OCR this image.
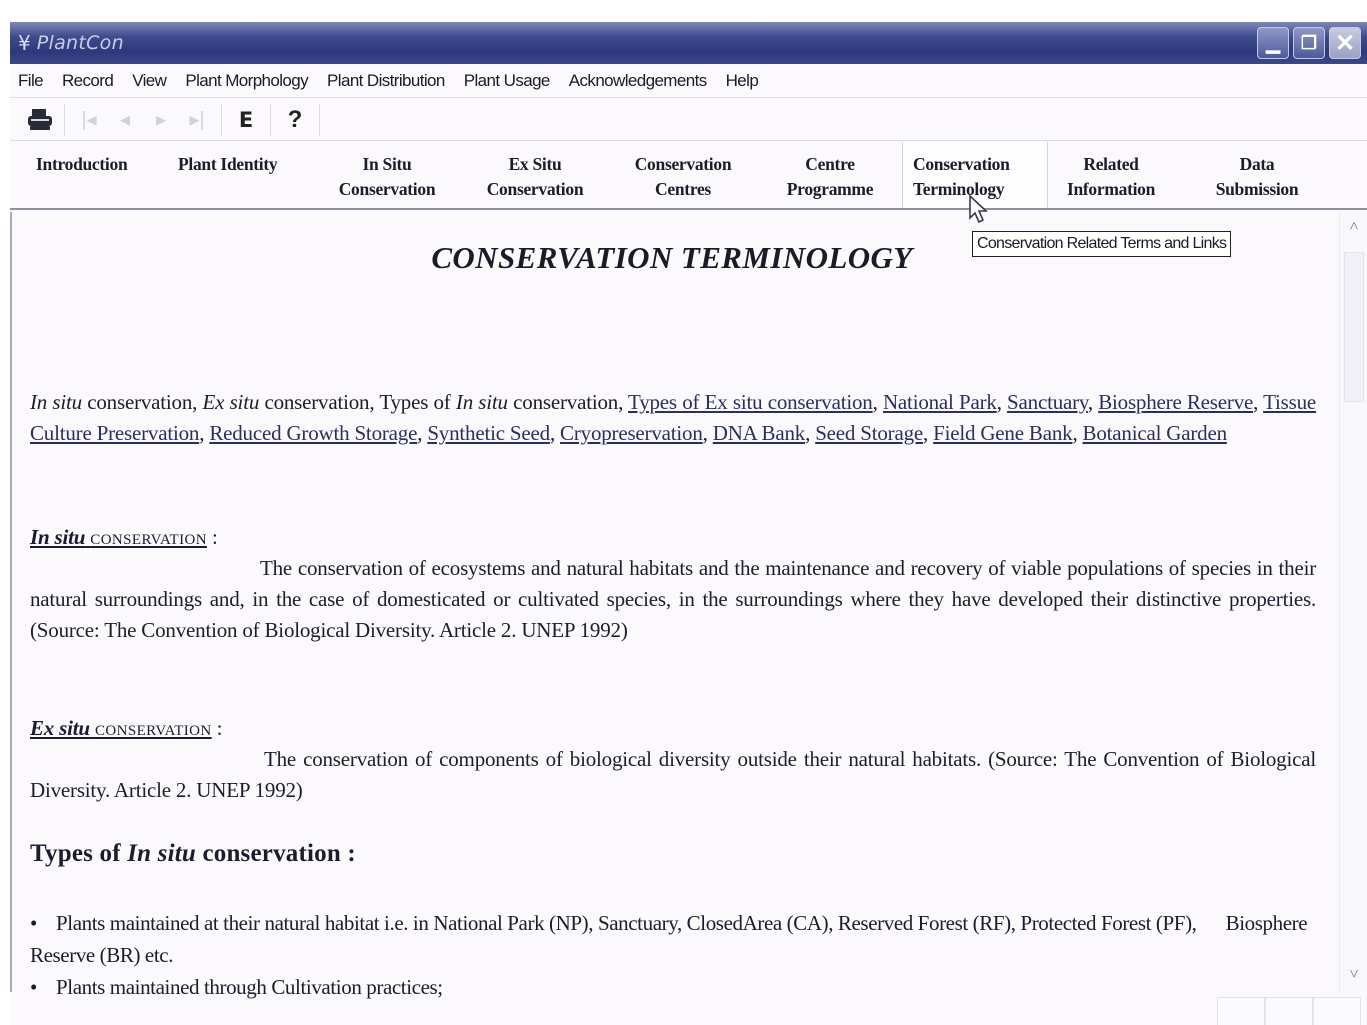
¥ PlantCon	▁ ❐ ✕
File	Record	View	Plant Morphology	Plant Distribution	Plant Usage	Acknowledgements	Help
|◂ ◂ ▸ ▸| E ?
Introduction	Plant Identity	In Situ
Conservation
Ex Situ
Conservation
Conservation
Centres
Centre
Programme
Conservation
Terminology
Related
Information
Data
Submission
CONSERVATION TERMINOLOGY
In situ conservation, Ex situ conservation, Types of In situ conservation, Types of Ex situ conservation, National Park, Sanctuary, Biosphere Reserve, Tissue Culture Preservation, Reduced Growth Storage, Synthetic Seed, Cryopreservation, DNA Bank, Seed Storage, Field Gene Bank, Botanical Garden
In situ conservation :
The conservation of ecosystems and natural habitats and the maintenance and recovery of viable populations of species in their natural surroundings and, in the case of domesticated or cultivated species, in the surroundings where they have developed their distinctive properties. (Source: The Convention of Biological Diversity. Article 2. UNEP 1992)
Ex situ conservation :
The conservation of components of biological diversity outside their natural habitats. (Source: The Convention of Biological Diversity. Article 2. UNEP 1992)
Types of In situ conservation :
• Plants maintained at their natural habitat i.e. in National Park (NP), Sanctuary, ClosedArea (CA), Reserved Forest (RF), Protected Forest (PF),      Biosphere Reserve (BR) etc.
• Plants maintained through Cultivation practices;
˄
˅
Conservation Related Terms and Links
